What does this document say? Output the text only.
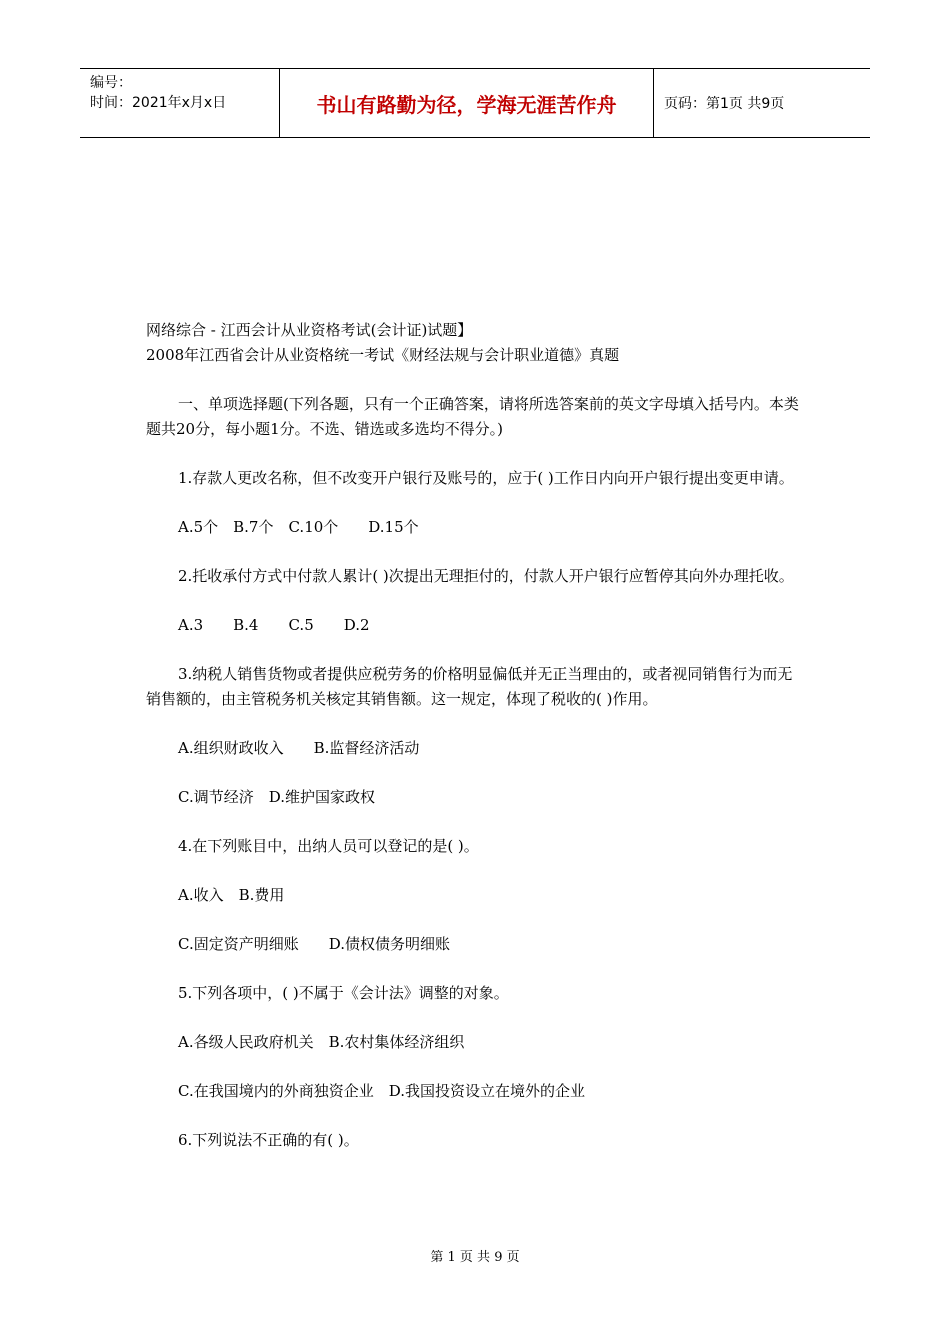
编号：
时间：2021年x月x日	书山有路勤为径，学海无涯苦作舟	页码：第1页 共9页

网络综合 - 江西会计从业资格考试(会计证)试题】

2008年江西省会计从业资格统一考试《财经法规与会计职业道德》真题

一、单项选择题(下列各题，只有一个正确答案，请将所选答案前的英文字母填入括号内。本类题共20分，每小题1分。不选、错选或多选均不得分。)

1.存款人更改名称，但不改变开户银行及账号的，应于( )工作日内向开户银行提出变更申请。

A.5个　B.7个　C.10个　　D.15个

2.托收承付方式中付款人累计( )次提出无理拒付的，付款人开户银行应暂停其向外办理托收。

A.3　　B.4　　C.5　　D.2

3.纳税人销售货物或者提供应税劳务的价格明显偏低并无正当理由的，或者视同销售行为而无销售额的，由主管税务机关核定其销售额。这一规定，体现了税收的( )作用。

A.组织财政收入　　B.监督经济活动

C.调节经济　D.维护国家政权

4.在下列账目中，出纳人员可以登记的是( )。

A.收入　B.费用

C.固定资产明细账　　D.债权债务明细账

5.下列各项中，( )不属于《会计法》调整的对象。

A.各级人民政府机关　B.农村集体经济组织

C.在我国境内的外商独资企业　D.我国投资设立在境外的企业

6.下列说法不正确的有( )。

第 1 页 共 9 页
